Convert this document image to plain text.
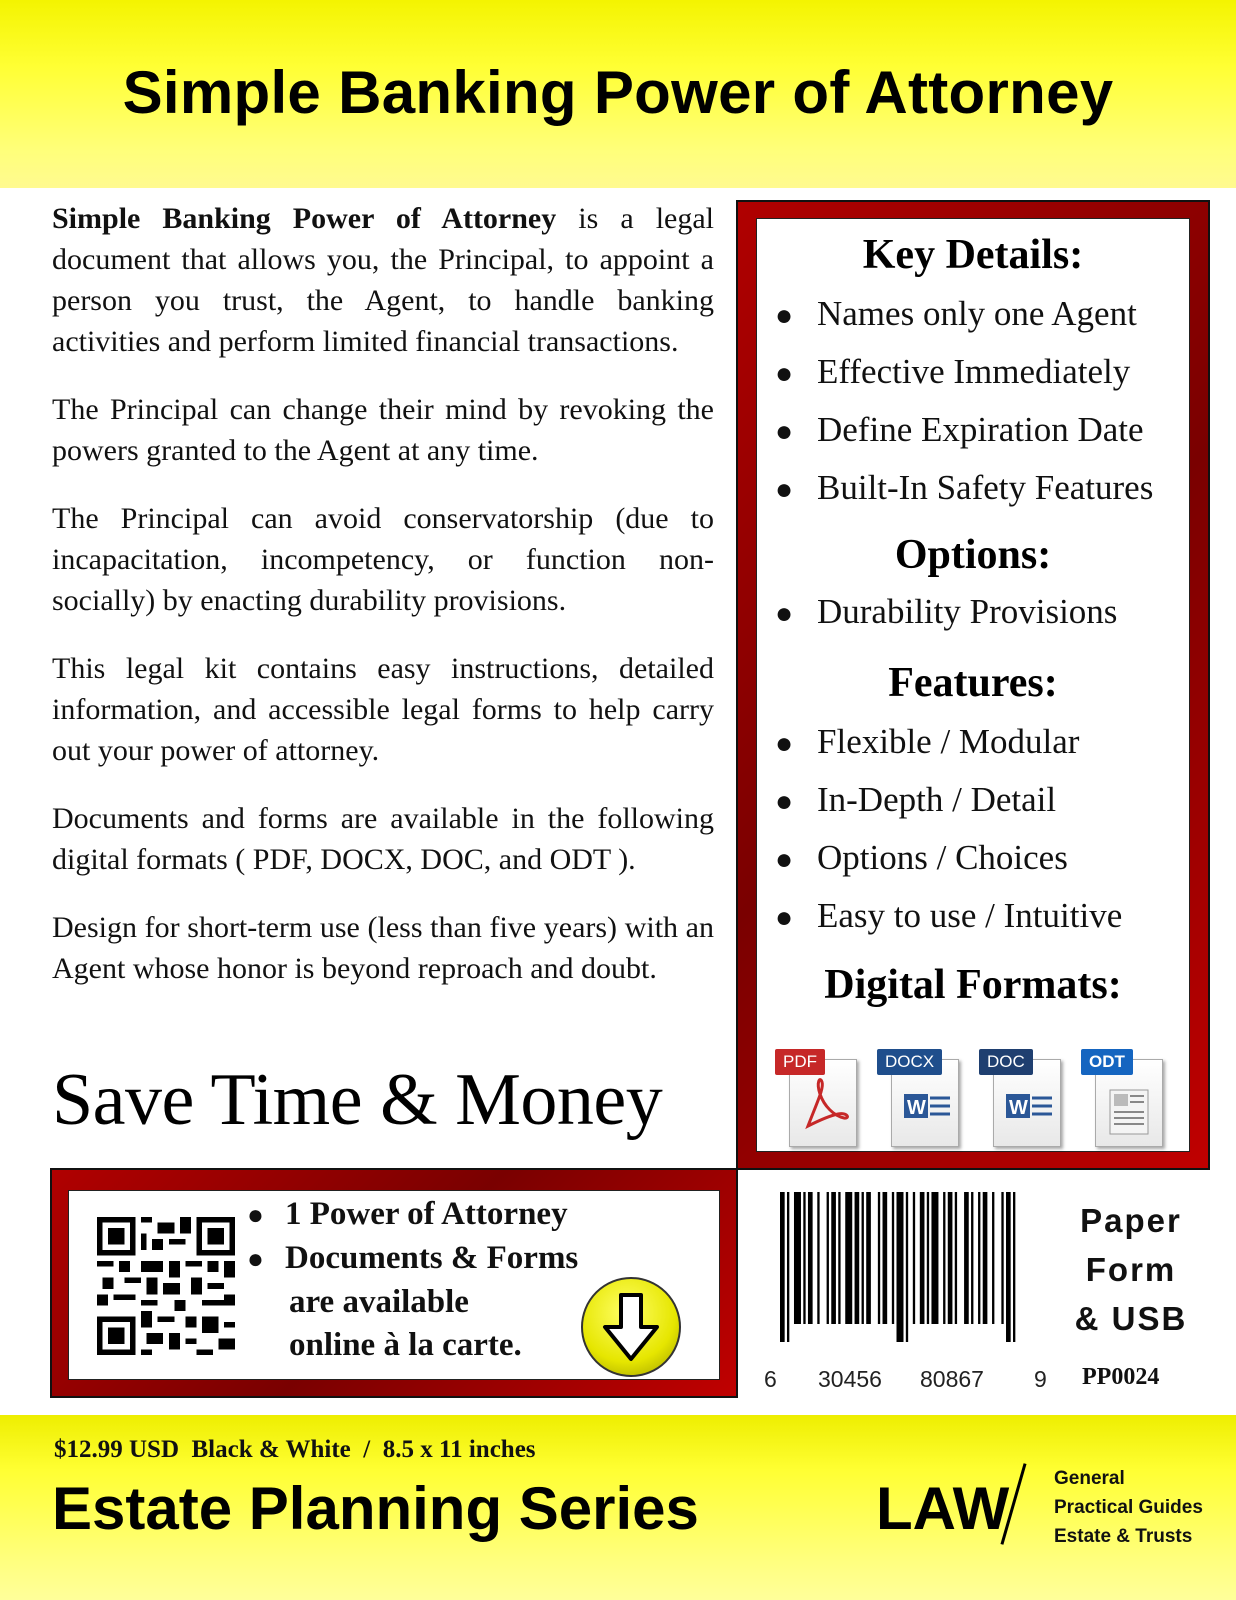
Simple Banking Power of Attorney

Simple Banking Power of Attorney is a legal document that allows you, the Principal, to appoint a person you trust, the Agent, to handle banking activities and perform limited financial transactions.

The Principal can change their mind by revoking the powers granted to the Agent at any time.

The Principal can avoid conservatorship (due to incapacitation, incompetency, or function non-socially) by enacting durability provisions.

This legal kit contains easy instructions, detailed information, and accessible legal forms to help carry out your power of attorney.

Documents and forms are available in the following digital formats ( PDF, DOCX, DOC, and ODT ).

Design for short-term use (less than five years) with an Agent whose honor is beyond reproach and doubt.

Save Time & Money
Key Details:
● Names only one Agent
● Effective Immediately
● Define Expiration Date
● Built-In Safety Features
Options:
● Durability Provisions
Features:
● Flexible / Modular
● In-Depth / Detail
● Options / Choices
● Easy to use / Intuitive
Digital Formats:
PDF
W
DOCX
W
DOC	ODT
● 1 Power of Attorney
● Documents & Forms
are available
online à la carte.
6 30456 80867 9
Paper
Form
& USB
PP0024
$12.99 USD  Black & White  /  8.5 x 11 inches
Estate Planning Series	LAW General
Practical Guides
Estate & Trusts
